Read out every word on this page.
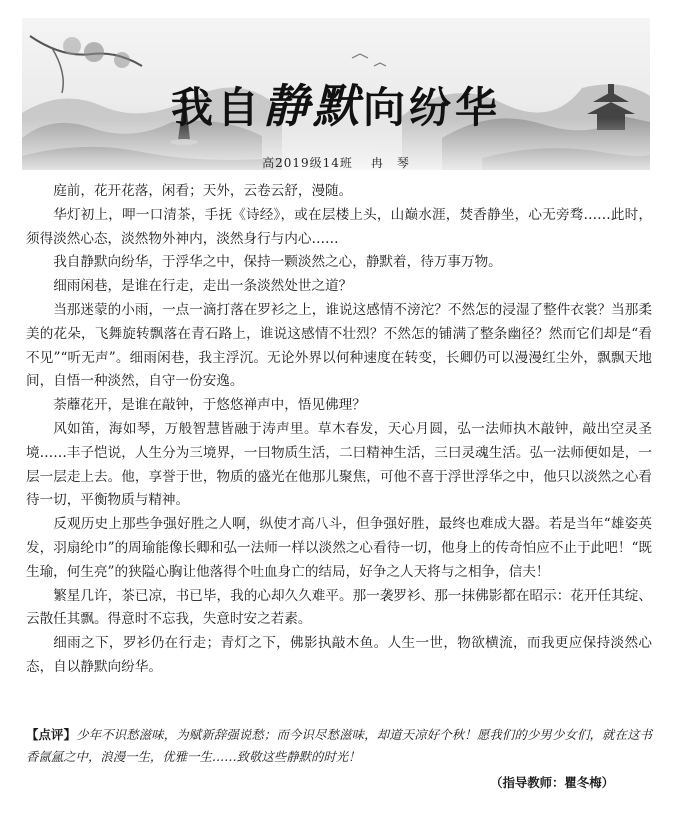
我自静默向纷华
高2019级14班 冉　琴

庭前，花开花落，闲看；天外，云卷云舒，漫随。

华灯初上，呷一口清茶，手抚《诗经》，或在层楼上头，山巅水涯，焚香静坐，心无旁骛……此时，须得淡然心态，淡然物外神内，淡然身行与内心……

我自静默向纷华，于浮华之中，保持一颗淡然之心，静默着，待万事万物。

细雨闲巷，是谁在行走，走出一条淡然处世之道？

当那迷蒙的小雨，一点一滴打落在罗衫之上，谁说这感情不滂沱？不然怎的浸湿了整件衣裳？当那柔美的花朵，飞舞旋转飘落在青石路上，谁说这感情不壮烈？不然怎的铺满了整条幽径？然而它们却是“看不见”“听无声”。细雨闲巷，我主浮沉。无论外界以何种速度在转变，长卿仍可以漫漫红尘外，飘飘天地间，自悟一种淡然，自守一份安逸。

荼蘼花开，是谁在敲钟，于悠悠禅声中，悟见佛理？

风如笛，海如琴，万般智慧皆融于涛声里。草木春发，天心月圆，弘一法师执木敲钟，敲出空灵圣境……丰子恺说，人生分为三境界，一曰物质生活，二曰精神生活，三曰灵魂生活。弘一法师便如是，一层一层走上去。他，享誉于世，物质的盛光在他那儿聚焦，可他不喜于浮世浮华之中，他只以淡然之心看待一切，平衡物质与精神。

反观历史上那些争强好胜之人啊，纵使才高八斗，但争强好胜，最终也难成大器。若是当年“雄姿英发，羽扇纶巾”的周瑜能像长卿和弘一法师一样以淡然之心看待一切，他身上的传奇怕应不止于此吧！“既生瑜，何生亮”的狭隘心胸让他落得个吐血身亡的结局，好争之人天将与之相争，信夫！

繁星几许，茶已凉，书已毕，我的心却久久难平。那一袭罗衫、那一抹佛影都在昭示：花开任其绽、云散任其飘。得意时不忘我，失意时安之若素。

细雨之下，罗衫仍在行走；青灯之下，佛影执敲木鱼。人生一世，物欲横流，而我更应保持淡然心态，自以静默向纷华。

【点评】少年不识愁滋味，为赋新辞强说愁；而今识尽愁滋味，却道天凉好个秋！愿我们的少男少女们，就在这书香氤氲之中，浪漫一生，优雅一生……致敬这些静默的时光！
（指导教师：瞿冬梅）
